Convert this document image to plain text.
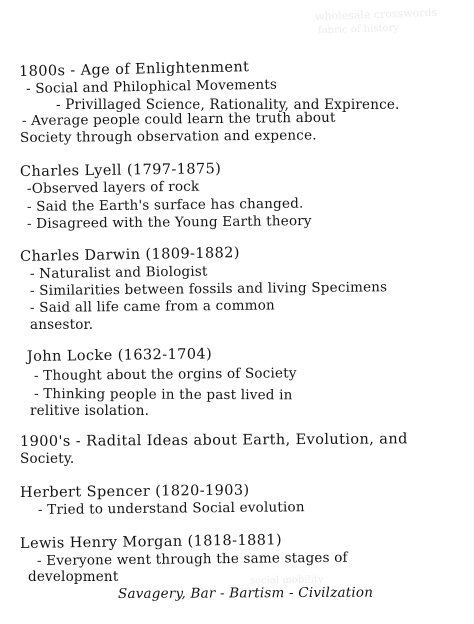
wholesale crosswords
fabric of history
social mobility
1800s - Age of Enlightenment
- Social and Philophical Movements
- Privillaged Science, Rationality, and Expirence.
- Average people could learn the truth about
Society through observation and expence.
Charles Lyell (1797-1875)
-Observed layers of rock
- Said the Earth's surface has changed.
- Disagreed with the Young Earth theory
Charles Darwin (1809-1882)
- Naturalist and Biologist
- Similarities between fossils and living Specimens
- Said all life came from a common
ansestor.
John Locke (1632-1704)
- Thought about the orgins of Society
- Thinking people in the past lived in
relitive isolation.
1900's - Radital Ideas about Earth, Evolution, and
Society.
Herbert Spencer (1820-1903)
- Tried to understand Social evolution
Lewis Henry Morgan (1818-1881)
- Everyone went through the same stages of
development
Savagery, Bar - Bartism - Civilzation
